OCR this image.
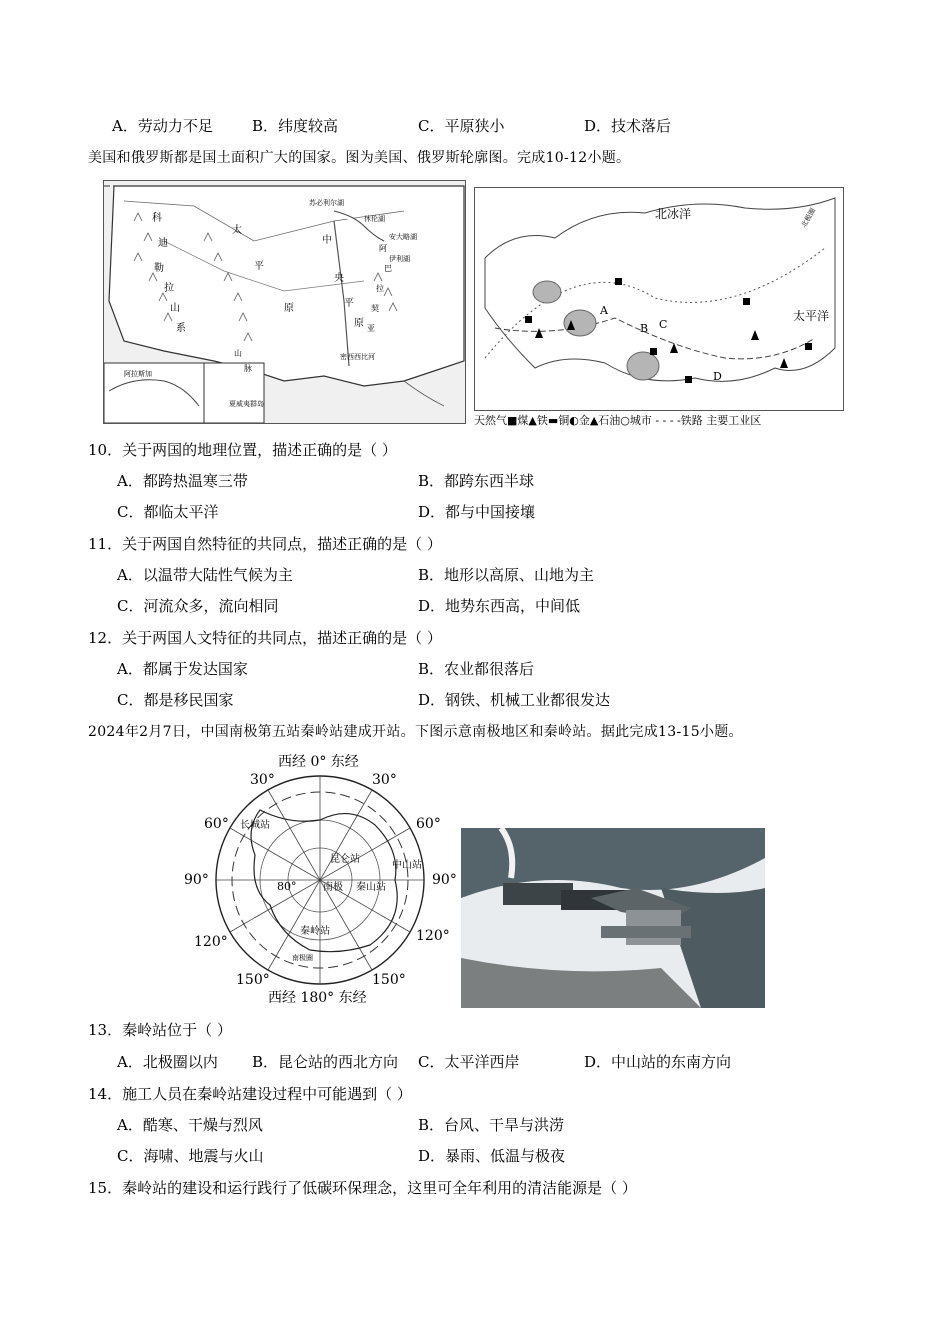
A．劳动力不足	B．纬度较高	C．平原狭小	D．技术落后
美国和俄罗斯都是国土面积广大的国家。图为美国、俄罗斯轮廓图。完成10-12小题。
科
迪
勒
拉
山
系
太
平
原
中
央
平
原
苏必利尔湖
休伦湖
安大略湖
伊利湖
阿
巴
拉
契
亚
山
脉
密西西比河
阿拉斯加
夏威夷群岛
北冰洋
太平洋
A
B C
D
北极圈
天然气■煤▲铁▬铜◐金▲石油○城市 - - - -铁路 主要工业区
10．关于两国的地理位置，描述正确的是（ ）
A．都跨热温寒三带	B．都跨东西半球
C．都临太平洋	D．都与中国接壤
11．关于两国自然特征的共同点，描述正确的是（ ）
A．以温带大陆性气候为主	B．地形以高原、山地为主
C．河流众多，流向相同	D．地势东西高，中间低
12．关于两国人文特征的共同点，描述正确的是（ ）
A．都属于发达国家	B．农业都很落后
C．都是移民国家	D．钢铁、机械工业都很发达
2024年2月7日，中国南极第五站秦岭站建成开站。下图示意南极地区和秦岭站。据此完成13-15小题。
西经 0° 东经
30°	30°
60°	60°
90°	90°
120°	120°
150°	150°
西经 180° 东经
80°
长城站
昆仑站
中山站
秦山站
南极
秦岭站
南极圈
13．秦岭站位于（ ）
A．北极圈以内 B．昆仑站的西北方向 C．太平洋西岸	D．中山站的东南方向
14．施工人员在秦岭站建设过程中可能遇到（ ）
A．酷寒、干燥与烈风	B．台风、干旱与洪涝
C．海啸、地震与火山	D．暴雨、低温与极夜
15．秦岭站的建设和运行践行了低碳环保理念，这里可全年利用的清洁能源是（ ）
